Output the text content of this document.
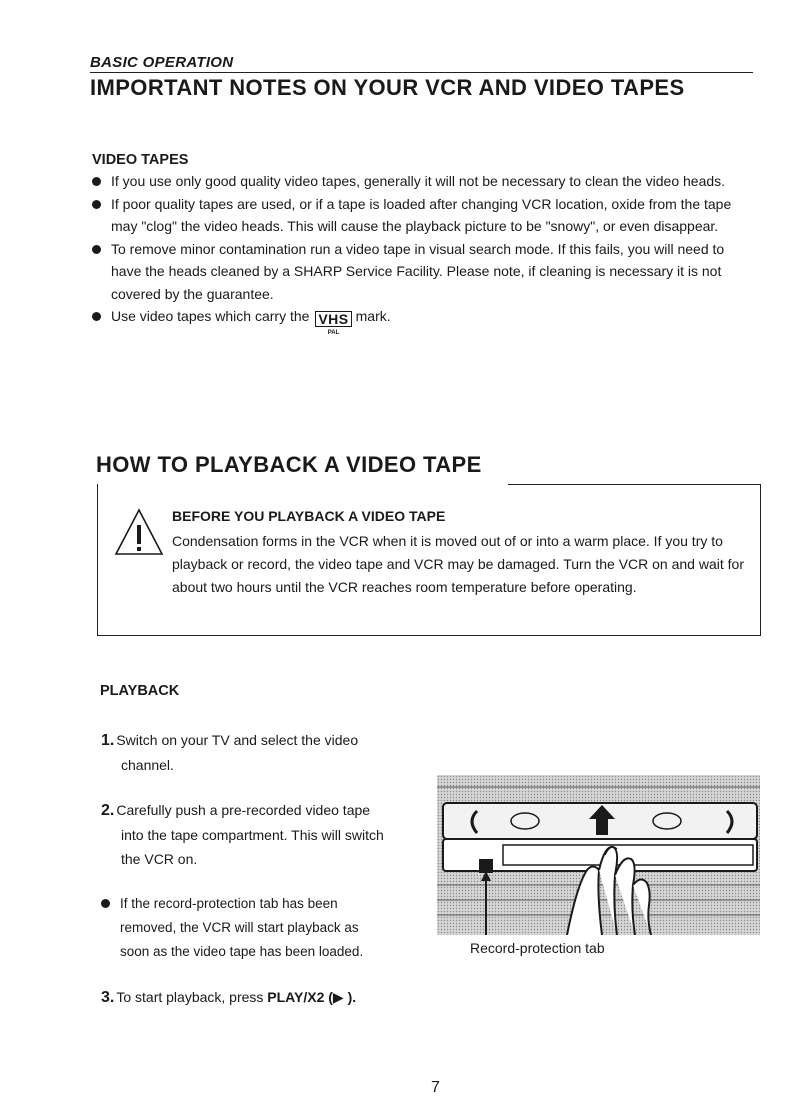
BASIC OPERATION
IMPORTANT NOTES ON YOUR VCR AND VIDEO TAPES
VIDEO TAPES
If you use only good quality video tapes, generally it will not be necessary to clean the video heads.
If poor quality tapes are used, or if a tape is loaded after changing VCR location, oxide from the tape may "clog" the video heads. This will cause the playback picture to be "snowy", or even disappear.
To remove minor contamination run a video tape in visual search mode. If this fails, you will need to have the heads cleaned by a SHARP Service Facility. Please note, if cleaning is necessary it is not covered by the guarantee.
Use video tapes which carry the VHS
PAL
mark.
HOW TO PLAYBACK A VIDEO TAPE
BEFORE YOU PLAYBACK A VIDEO TAPE
Condensation forms in the VCR when it is moved out of or into a warm place. If you try to playback or record, the video tape and VCR may be damaged. Turn the VCR on and wait for about two hours until the VCR reaches room temperature before operating.
PLAYBACK
1. Switch on your TV and select the video
channel.
2. Carefully push a pre-recorded video tape
into the tape compartment. This will switch
the VCR on.
If the record-protection tab has been
removed, the VCR will start playback as
soon as the video tape has been loaded.
3. To start playback, press PLAY/X2 (▶ ).
Record-protection tab
7
